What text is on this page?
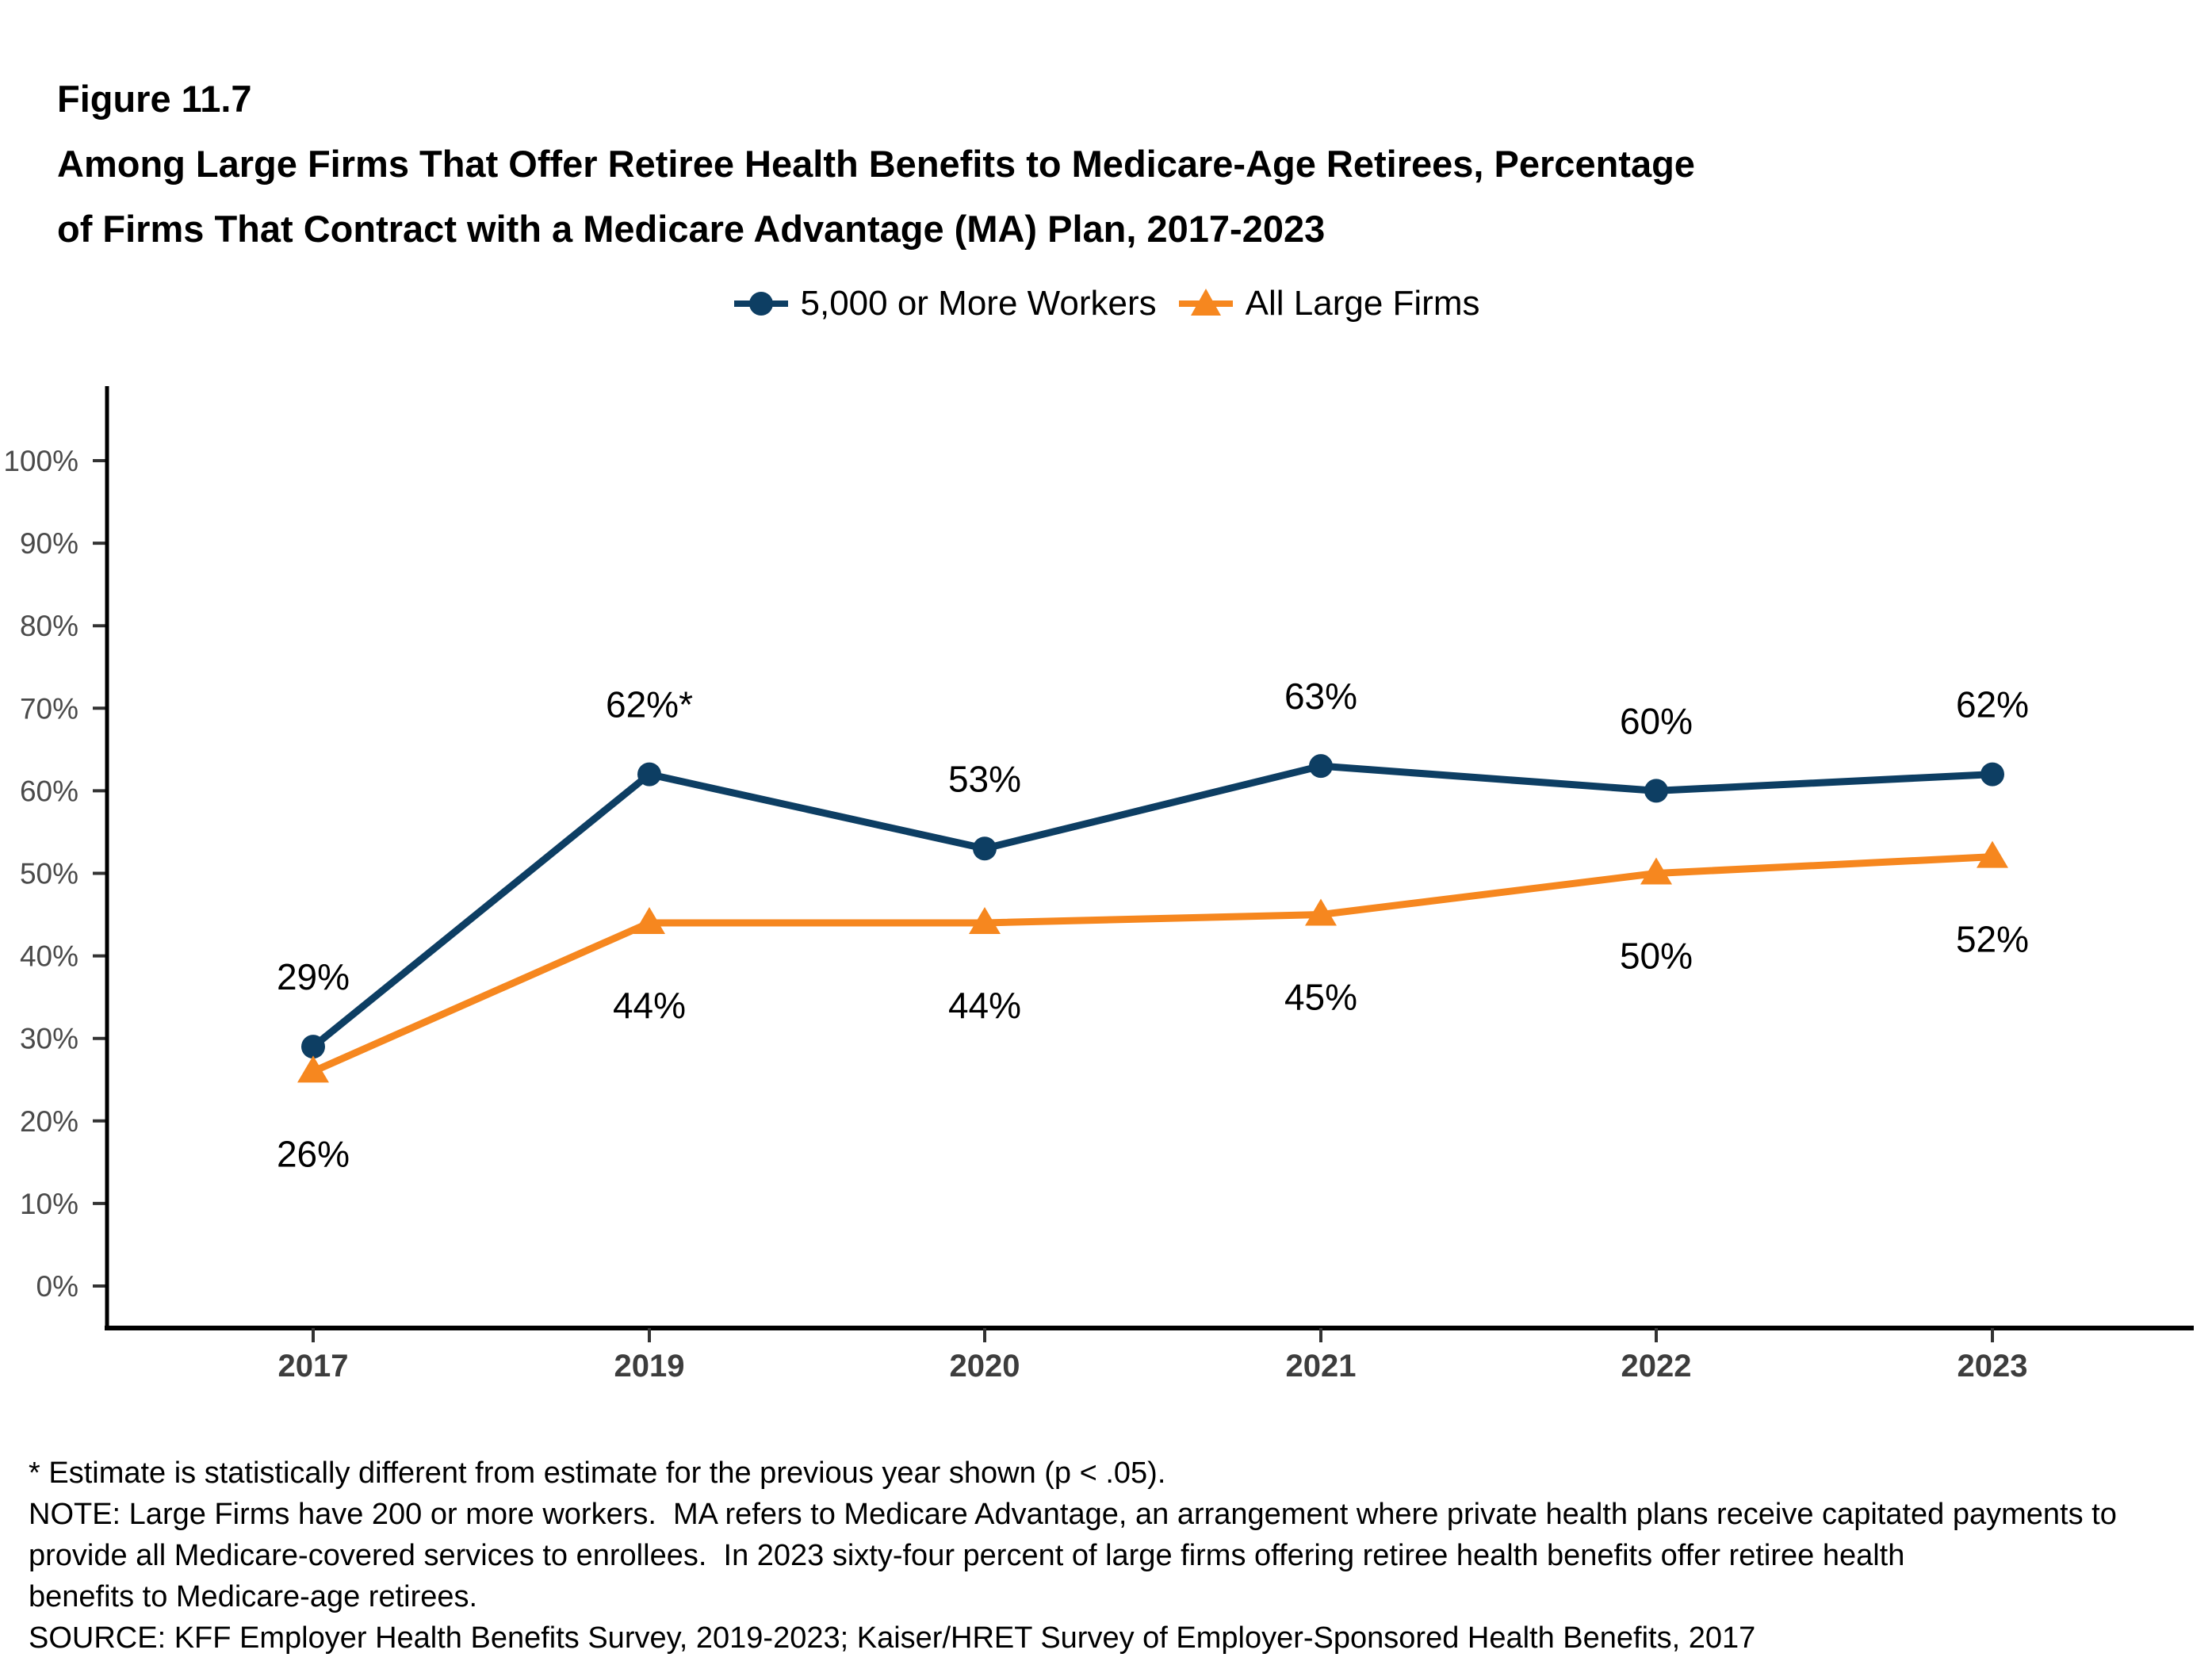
Figure 11.7
Among Large Firms That Offer Retiree Health Benefits to Medicare-Age Retirees, Percentage
of Firms That Contract with a Medicare Advantage (MA) Plan, 2017-2023
5,000 or More Workers	All Large Firms
0%
10%
20%
30%
40%
50%
60%
70%
80%
90%
100%
2017	2019	2020	2021	2022	2023
29%
62%*
53%
63%
60%	62%
26%
44%	44%	45%
50%	52%
* Estimate is statistically different from estimate for the previous year shown (p < .05).
NOTE: Large Firms have 200 or more workers.  MA refers to Medicare Advantage, an arrangement where private health plans receive capitated payments to
provide all Medicare-covered services to enrollees.  In 2023 sixty-four percent of large firms offering retiree health benefits offer retiree health
benefits to Medicare-age retirees.
SOURCE: KFF Employer Health Benefits Survey, 2019-2023; Kaiser/HRET Survey of Employer-Sponsored Health Benefits, 2017
